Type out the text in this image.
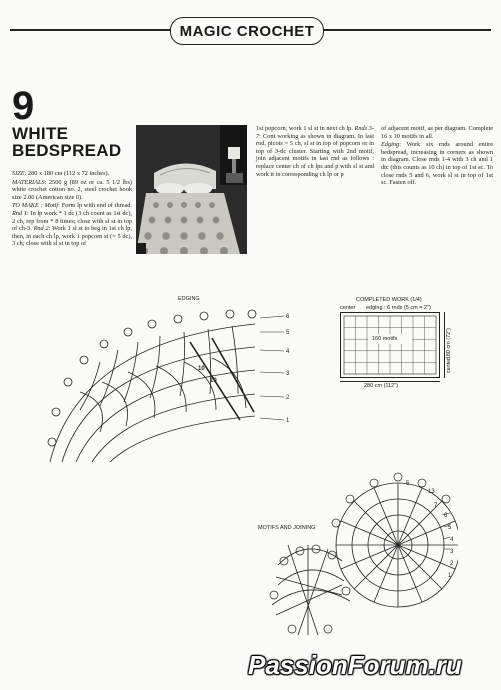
MAGIC CROCHET
9
WHITE
BEDSPREAD

SIZE: 280 x 180 cm (112 x 72 inches).

MATERIALS: 2500 g (89 oz or ca. 5 1/2 lbs) white crochet cotton no. 2, steel crochet hook size 2.00 (American size 0).

TO MAKE : Motif: Form lp with end of thread. Rnd 1: In lp work * 1 dc (3 ch count as 1st dc), 2 ch, rep from * 8 times; close with sl st in top of ch-3. Rnd 2: Work 1 sl st to beg in 1st ch lp, then, in each ch lp, work 1 popcorn st (= 5 dc), 3 ch; close with sl st in top of

1st popcorn, work 1 sl st in next ch lp. Rnds 3-7: Cont working as shown in diagram. In last rnd, picots = 5 ch, sl st in top of popcorn or in top of 3-dc cluster. Starting with 2nd motif, join adjacent motifs in last rnd as follows : replace center ch of ch lps and p with sl st and work it in corresponding ch lp or p

of adjacent motif, as per diagram. Complete 16 x 10 motifs in all.

Edging: Work six rnds around entire bedspread, increasing in corners as shown in diagram. Close rnds 1-4 with 3 ch and 1 dtc (this counts as 10 ch) in top of 1st sc. To close rnds 5 and 6, work sl st in top of 1st sc. Fasten off.

EDGING
1
2
3
4
5
6
10
10
COMPLETED WORK (1/4)
center edging : 6 rnds (5 cm = 2")
160 motifs
280 cm (112")
180 cm (72")
center
MOTIFS AND JOINING
7
6
5
4
3
2
1
5
13
PassionForum.ru
